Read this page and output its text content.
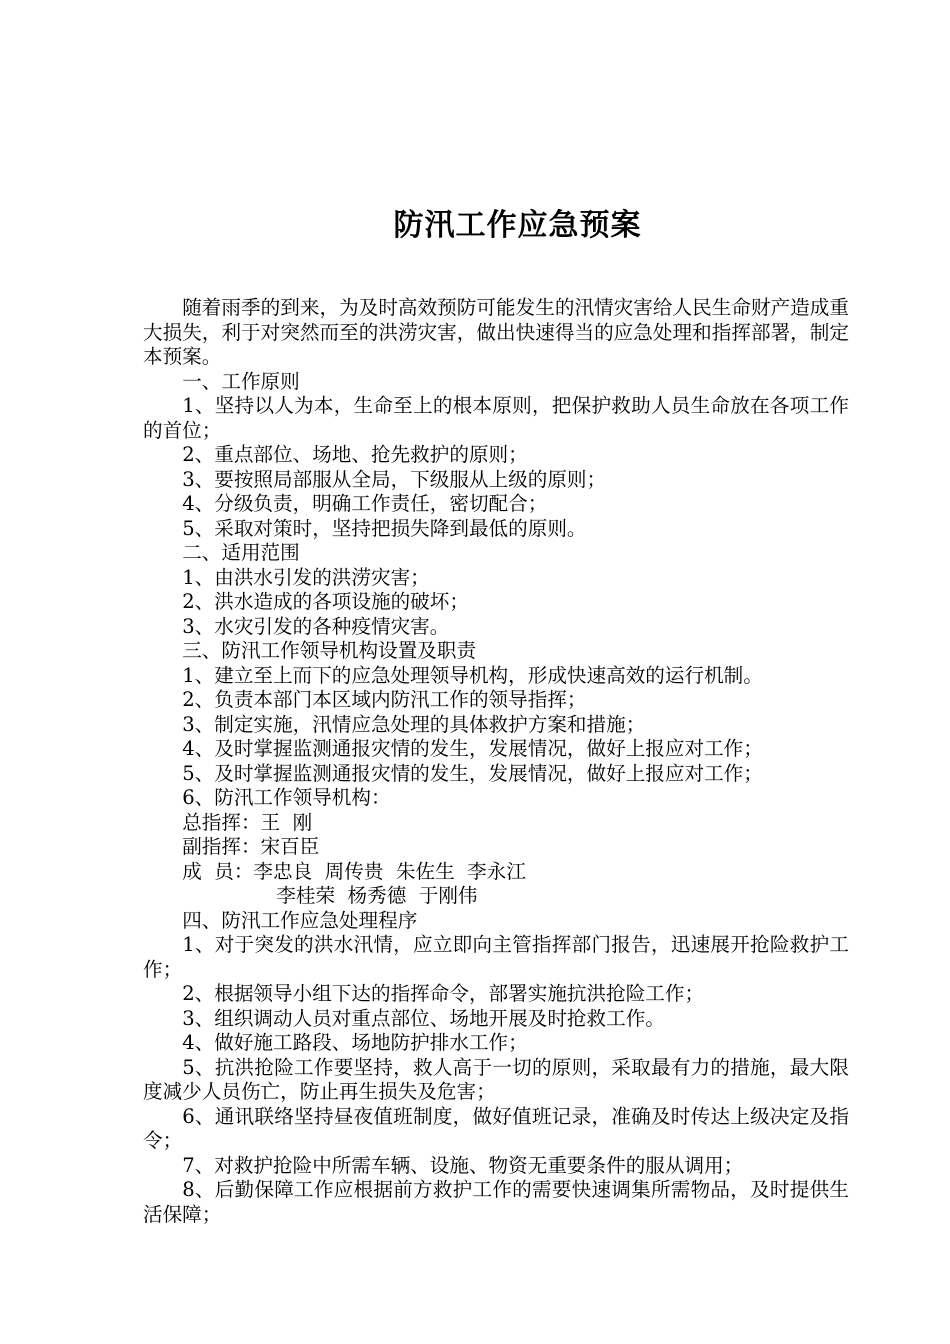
防汛工作应急预案

随着雨季的到来，为及时高效预防可能发生的汛情灾害给人民生命财产造成重大损失，利于对突然而至的洪涝灾害，做出快速得当的应急处理和指挥部署，制定本预案。

一、工作原则

1、坚持以人为本，生命至上的根本原则，把保护救助人员生命放在各项工作的首位；

2、重点部位、场地、抢先救护的原则；

3、要按照局部服从全局，下级服从上级的原则；

4、分级负责，明确工作责任，密切配合；

5、采取对策时，坚持把损失降到最低的原则。

二、适用范围

1、由洪水引发的洪涝灾害；

2、洪水造成的各项设施的破坏；

3、水灾引发的各种疫情灾害。

三、防汛工作领导机构设置及职责

1、建立至上而下的应急处理领导机构，形成快速高效的运行机制。

2、负责本部门本区域内防汛工作的领导指挥；

3、制定实施，汛情应急处理的具体救护方案和措施；

4、及时掌握监测通报灾情的发生，发展情况，做好上报应对工作；

5、及时掌握监测通报灾情的发生，发展情况，做好上报应对工作；

6、防汛工作领导机构：

总指挥：王  刚

副指挥：宋百臣

成  员：李忠良  周传贵  朱佐生  李永江

李桂荣  杨秀德  于刚伟

四、防汛工作应急处理程序

1、对于突发的洪水汛情，应立即向主管指挥部门报告，迅速展开抢险救护工作；

2、根据领导小组下达的指挥命令，部署实施抗洪抢险工作；

3、组织调动人员对重点部位、场地开展及时抢救工作。

4、做好施工路段、场地防护排水工作；

5、抗洪抢险工作要坚持，救人高于一切的原则，采取最有力的措施，最大限度减少人员伤亡，防止再生损失及危害；

6、通讯联络坚持昼夜值班制度，做好值班记录，准确及时传达上级决定及指令；

7、对救护抢险中所需车辆、设施、物资无重要条件的服从调用；

8、后勤保障工作应根据前方救护工作的需要快速调集所需物品，及时提供生活保障；
